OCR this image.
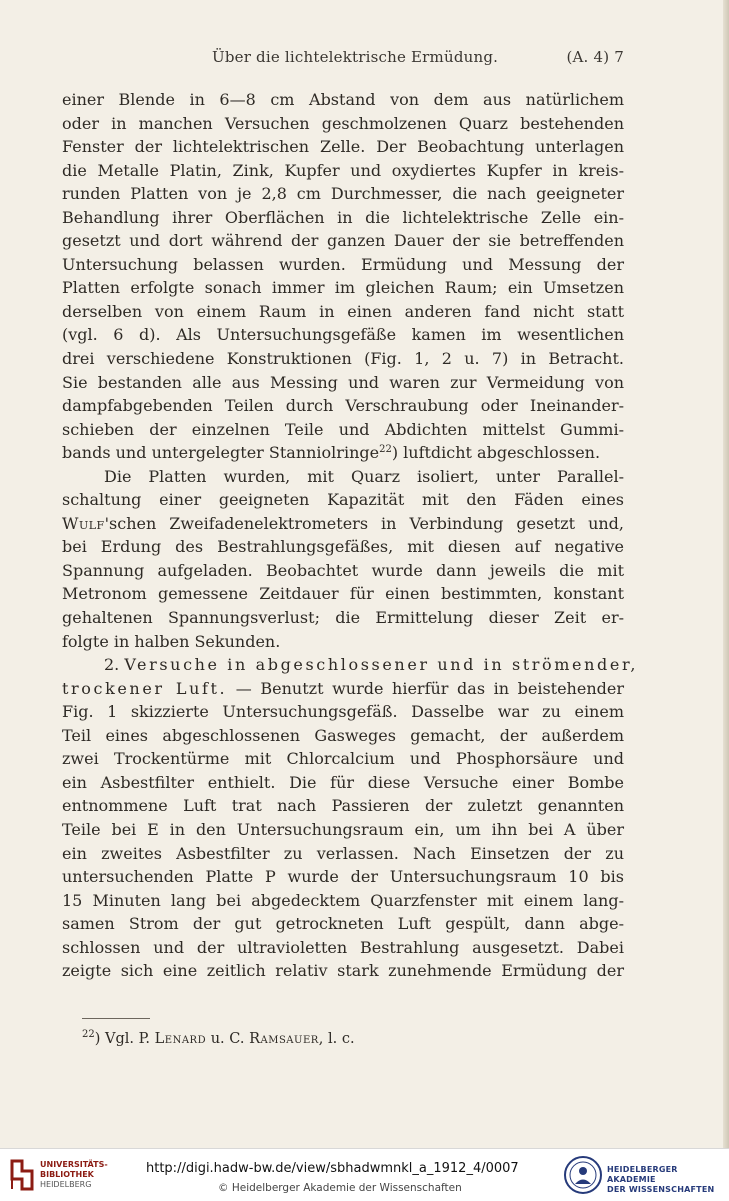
Über die lichtelektrische Ermüdung.	(A. 4) 7
einer Blende in 6—8 cm Abstand von dem aus natürlichem
oder in manchen Versuchen geschmolzenen Quarz bestehenden
Fenster der lichtelektrischen Zelle. Der Beobachtung unterlagen
die Metalle Platin, Zink, Kupfer und oxydiertes Kupfer in kreis-
runden Platten von je 2,8 cm Durchmesser, die nach geeigneter
Behandlung ihrer Oberflächen in die lichtelektrische Zelle ein-
gesetzt und dort während der ganzen Dauer der sie betreffenden
Untersuchung belassen wurden. Ermüdung und Messung der
Platten erfolgte sonach immer im gleichen Raum; ein Umsetzen
derselben von einem Raum in einen anderen fand nicht statt
(vgl. 6 d). Als Untersuchungsgefäße kamen im wesentlichen
drei verschiedene Konstruktionen (Fig. 1, 2 u. 7) in Betracht.
Sie bestanden alle aus Messing und waren zur Vermeidung von
dampfabgebenden Teilen durch Verschraubung oder Ineinander-
schieben der einzelnen Teile und Abdichten mittelst Gummi-
bands und untergelegter Stanniolringe$^{22}$) luftdicht abgeschlossen.
Die Platten wurden, mit Quarz isoliert, unter Parallel-
schaltung einer geeigneten Kapazität mit den Fäden eines
Wulf'schen Zweifadenelektrometers in Verbindung gesetzt und,
bei Erdung des Bestrahlungsgefäßes, mit diesen auf negative
Spannung aufgeladen. Beobachtet wurde dann jeweils die mit
Metronom gemessene Zeitdauer für einen bestimmten, konstant
gehaltenen Spannungsverlust; die Ermittelung dieser Zeit er-
folgte in halben Sekunden.
2. Versuche in abgeschlossener und in strömender,
trockener Luft. — Benutzt wurde hierfür das in beistehender
Fig. 1 skizzierte Untersuchungsgefäß. Dasselbe war zu einem
Teil eines abgeschlossenen Gasweges gemacht, der außerdem
zwei Trockentürme mit Chlorcalcium und Phosphorsäure und
ein Asbestfilter enthielt. Die für diese Versuche einer Bombe
entnommene Luft trat nach Passieren der zuletzt genannten
Teile bei E in den Untersuchungsraum ein, um ihn bei A über
ein zweites Asbestfilter zu verlassen. Nach Einsetzen der zu
untersuchenden Platte P wurde der Untersuchungsraum 10 bis
15 Minuten lang bei abgedecktem Quarzfenster mit einem lang-
samen Strom der gut getrockneten Luft gespült, dann abge-
schlossen und der ultravioletten Bestrahlung ausgesetzt. Dabei
zeigte sich eine zeitlich relativ stark zunehmende Ermüdung der
$^{22}$) Vgl. P. Lenard u. C. Ramsauer, l. c.
UNIVERSITÄTS-
BIBLIOTHEK
HEIDELBERG
http://digi.hadw-bw.de/view/sbhadwmnkl_a_1912_4/0007
© Heidelberger Akademie der Wissenschaften
HEIDELBERGER AKADEMIE
DER WISSENSCHAFTEN
